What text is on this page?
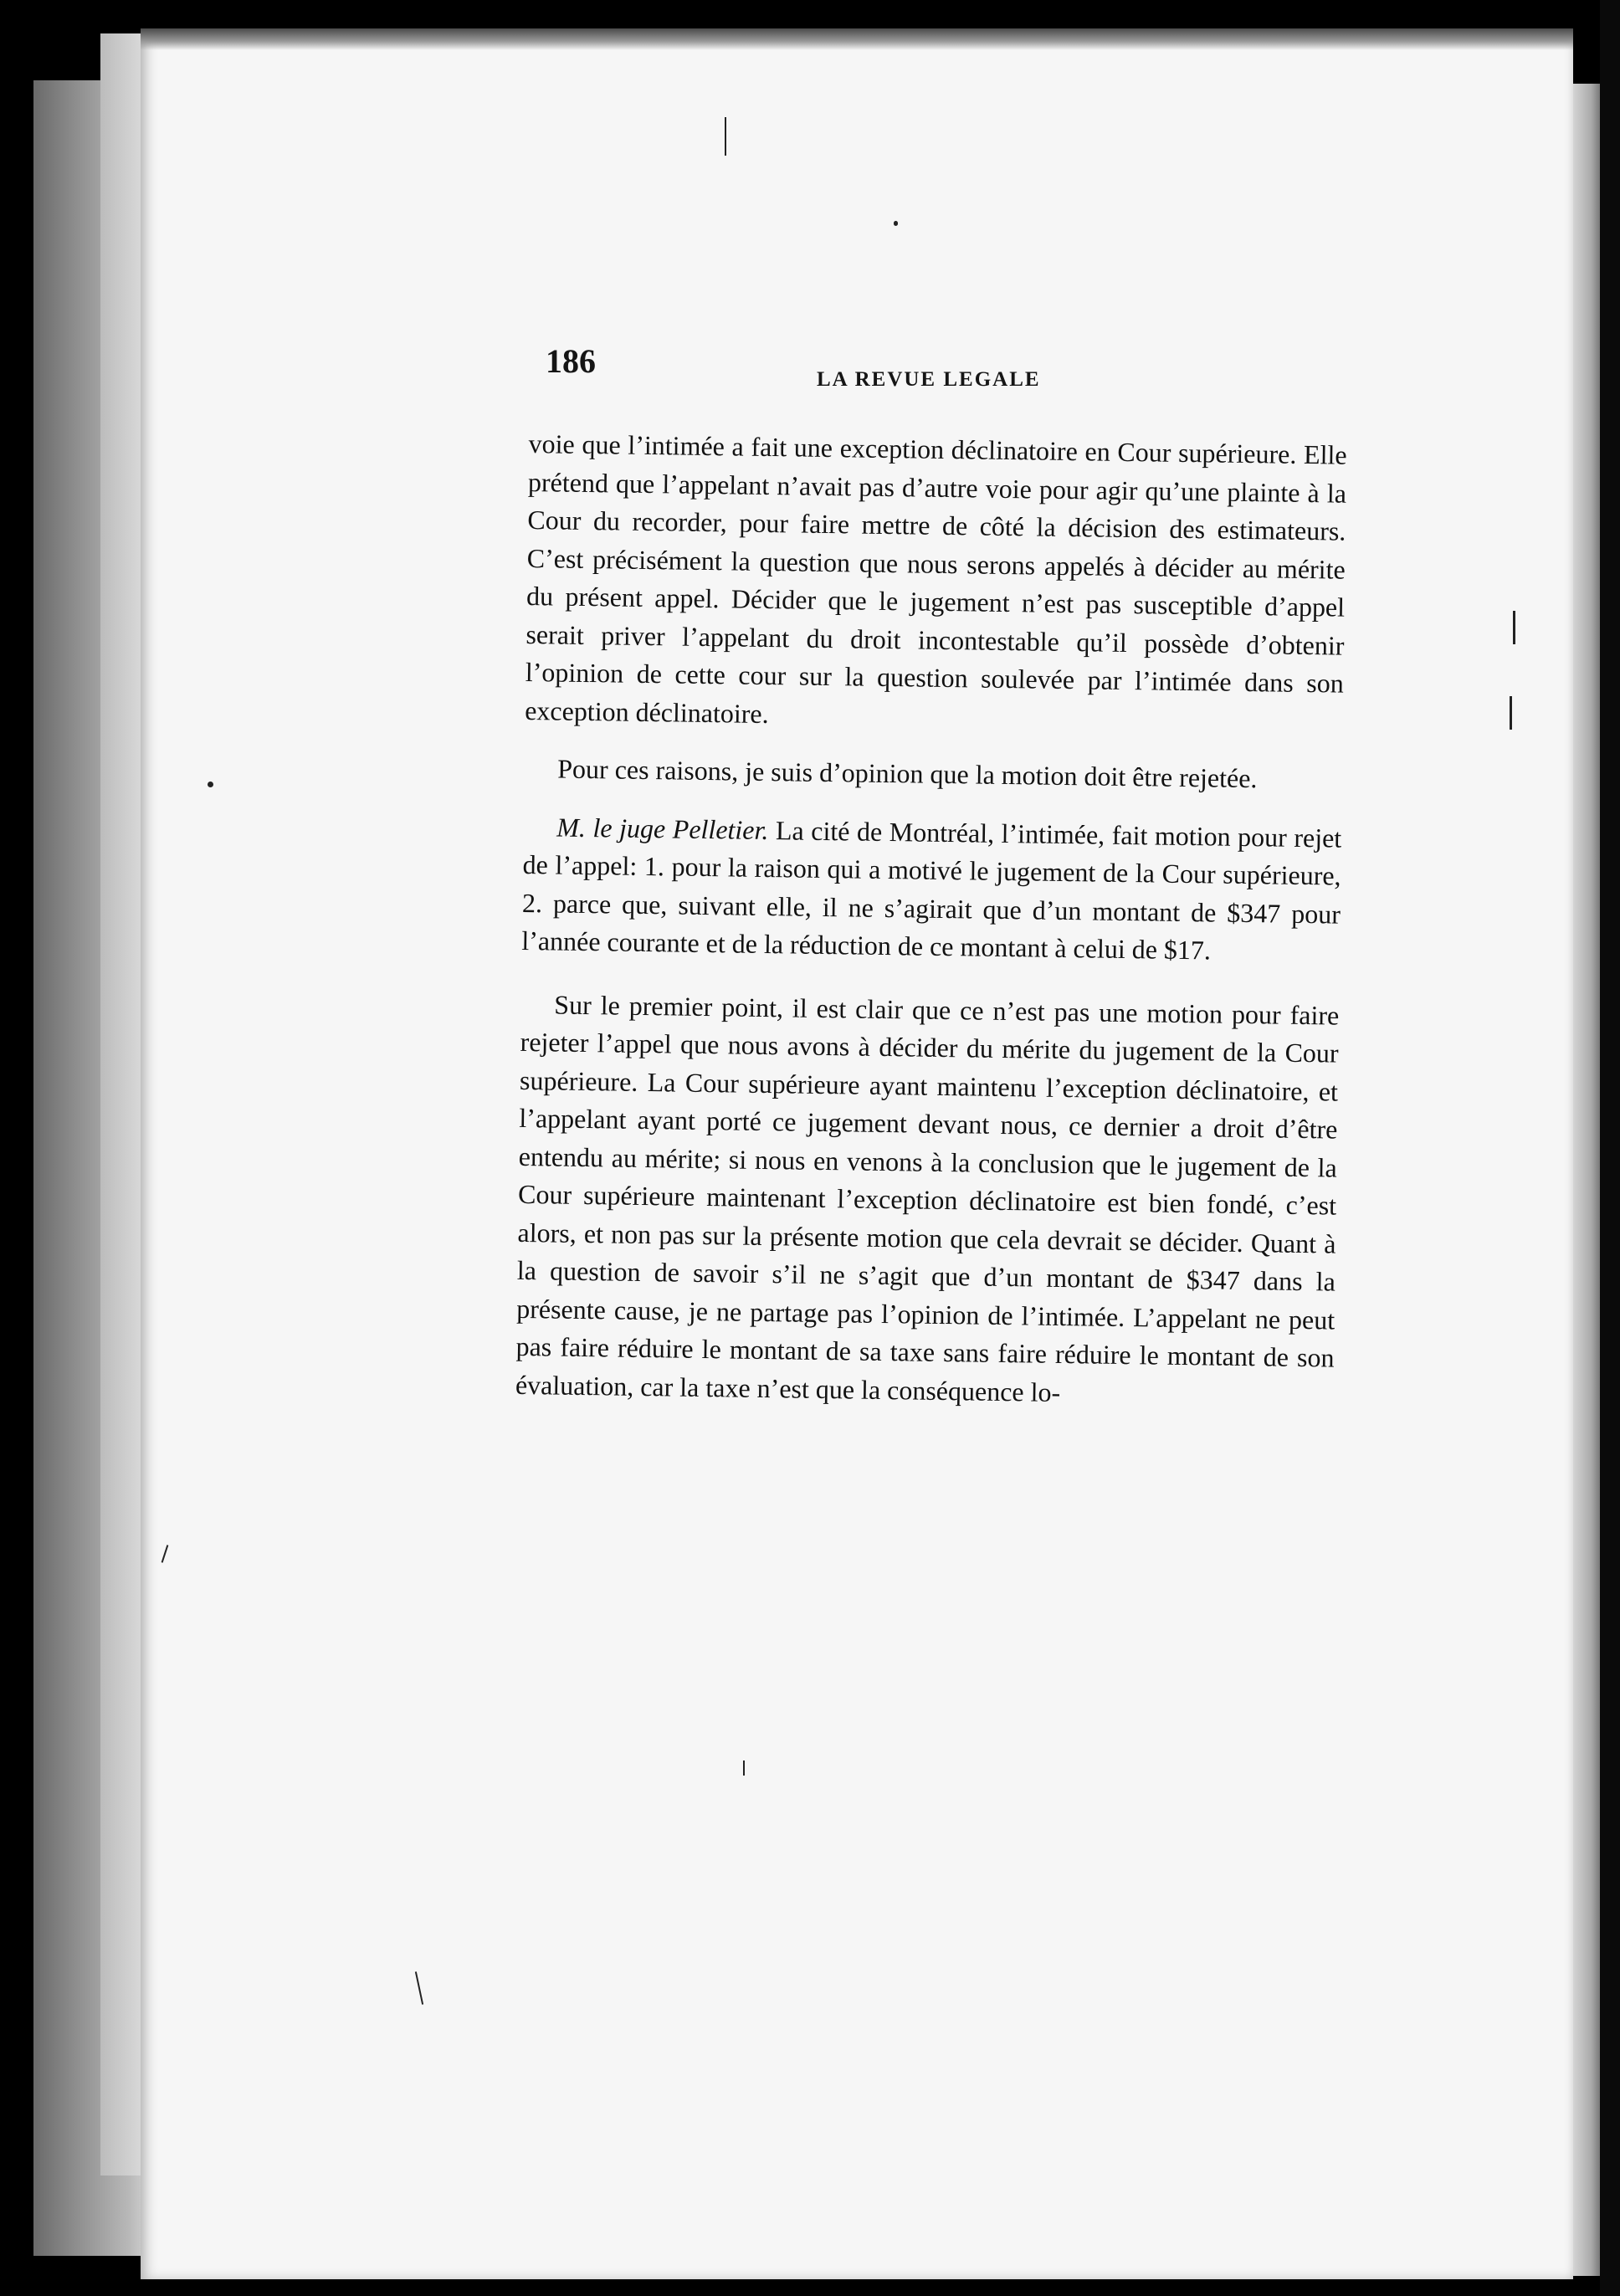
186	LA REVUE LEGALE

voie que l’intimée a fait une exception déclinatoire en Cour supérieure. Elle prétend que l’appelant n’avait pas d’autre voie pour agir qu’une plainte à la Cour du recorder, pour faire mettre de côté la décision des estimateurs. C’est précisément la question que nous serons appelés à décider au mérite du présent appel. Décider que le jugement n’est pas susceptible d’appel serait priver l’appelant du droit incontestable qu’il possède d’obtenir l’opinion de cette cour sur la question soulevée par l’intimée dans son exception déclinatoire.

Pour ces raisons, je suis d’opinion que la motion doit être rejetée.

M. le juge Pelletier. La cité de Montréal, l’intimée, fait motion pour rejet de l’appel: 1. pour la raison qui a motivé le jugement de la Cour supérieure, 2. parce que, suivant elle, il ne s’agirait que d’un montant de $347 pour l’année courante et de la réduction de ce montant à celui de $17.

Sur le premier point, il est clair que ce n’est pas une motion pour faire rejeter l’appel que nous avons à décider du mérite du jugement de la Cour supérieure. La Cour supérieure ayant maintenu l’exception déclinatoire, et l’appelant ayant porté ce jugement devant nous, ce dernier a droit d’être entendu au mérite; si nous en venons à la conclusion que le jugement de la Cour supérieure maintenant l’exception déclinatoire est bien fondé, c’est alors, et non pas sur la présente motion que cela devrait se décider. Quant à la question de savoir s’il ne s’agit que d’un montant de $347 dans la présente cause, je ne partage pas l’opinion de l’intimée. L’appelant ne peut pas faire réduire le montant de sa taxe sans faire réduire le montant de son évaluation, car la taxe n’est que la conséquence lo-
